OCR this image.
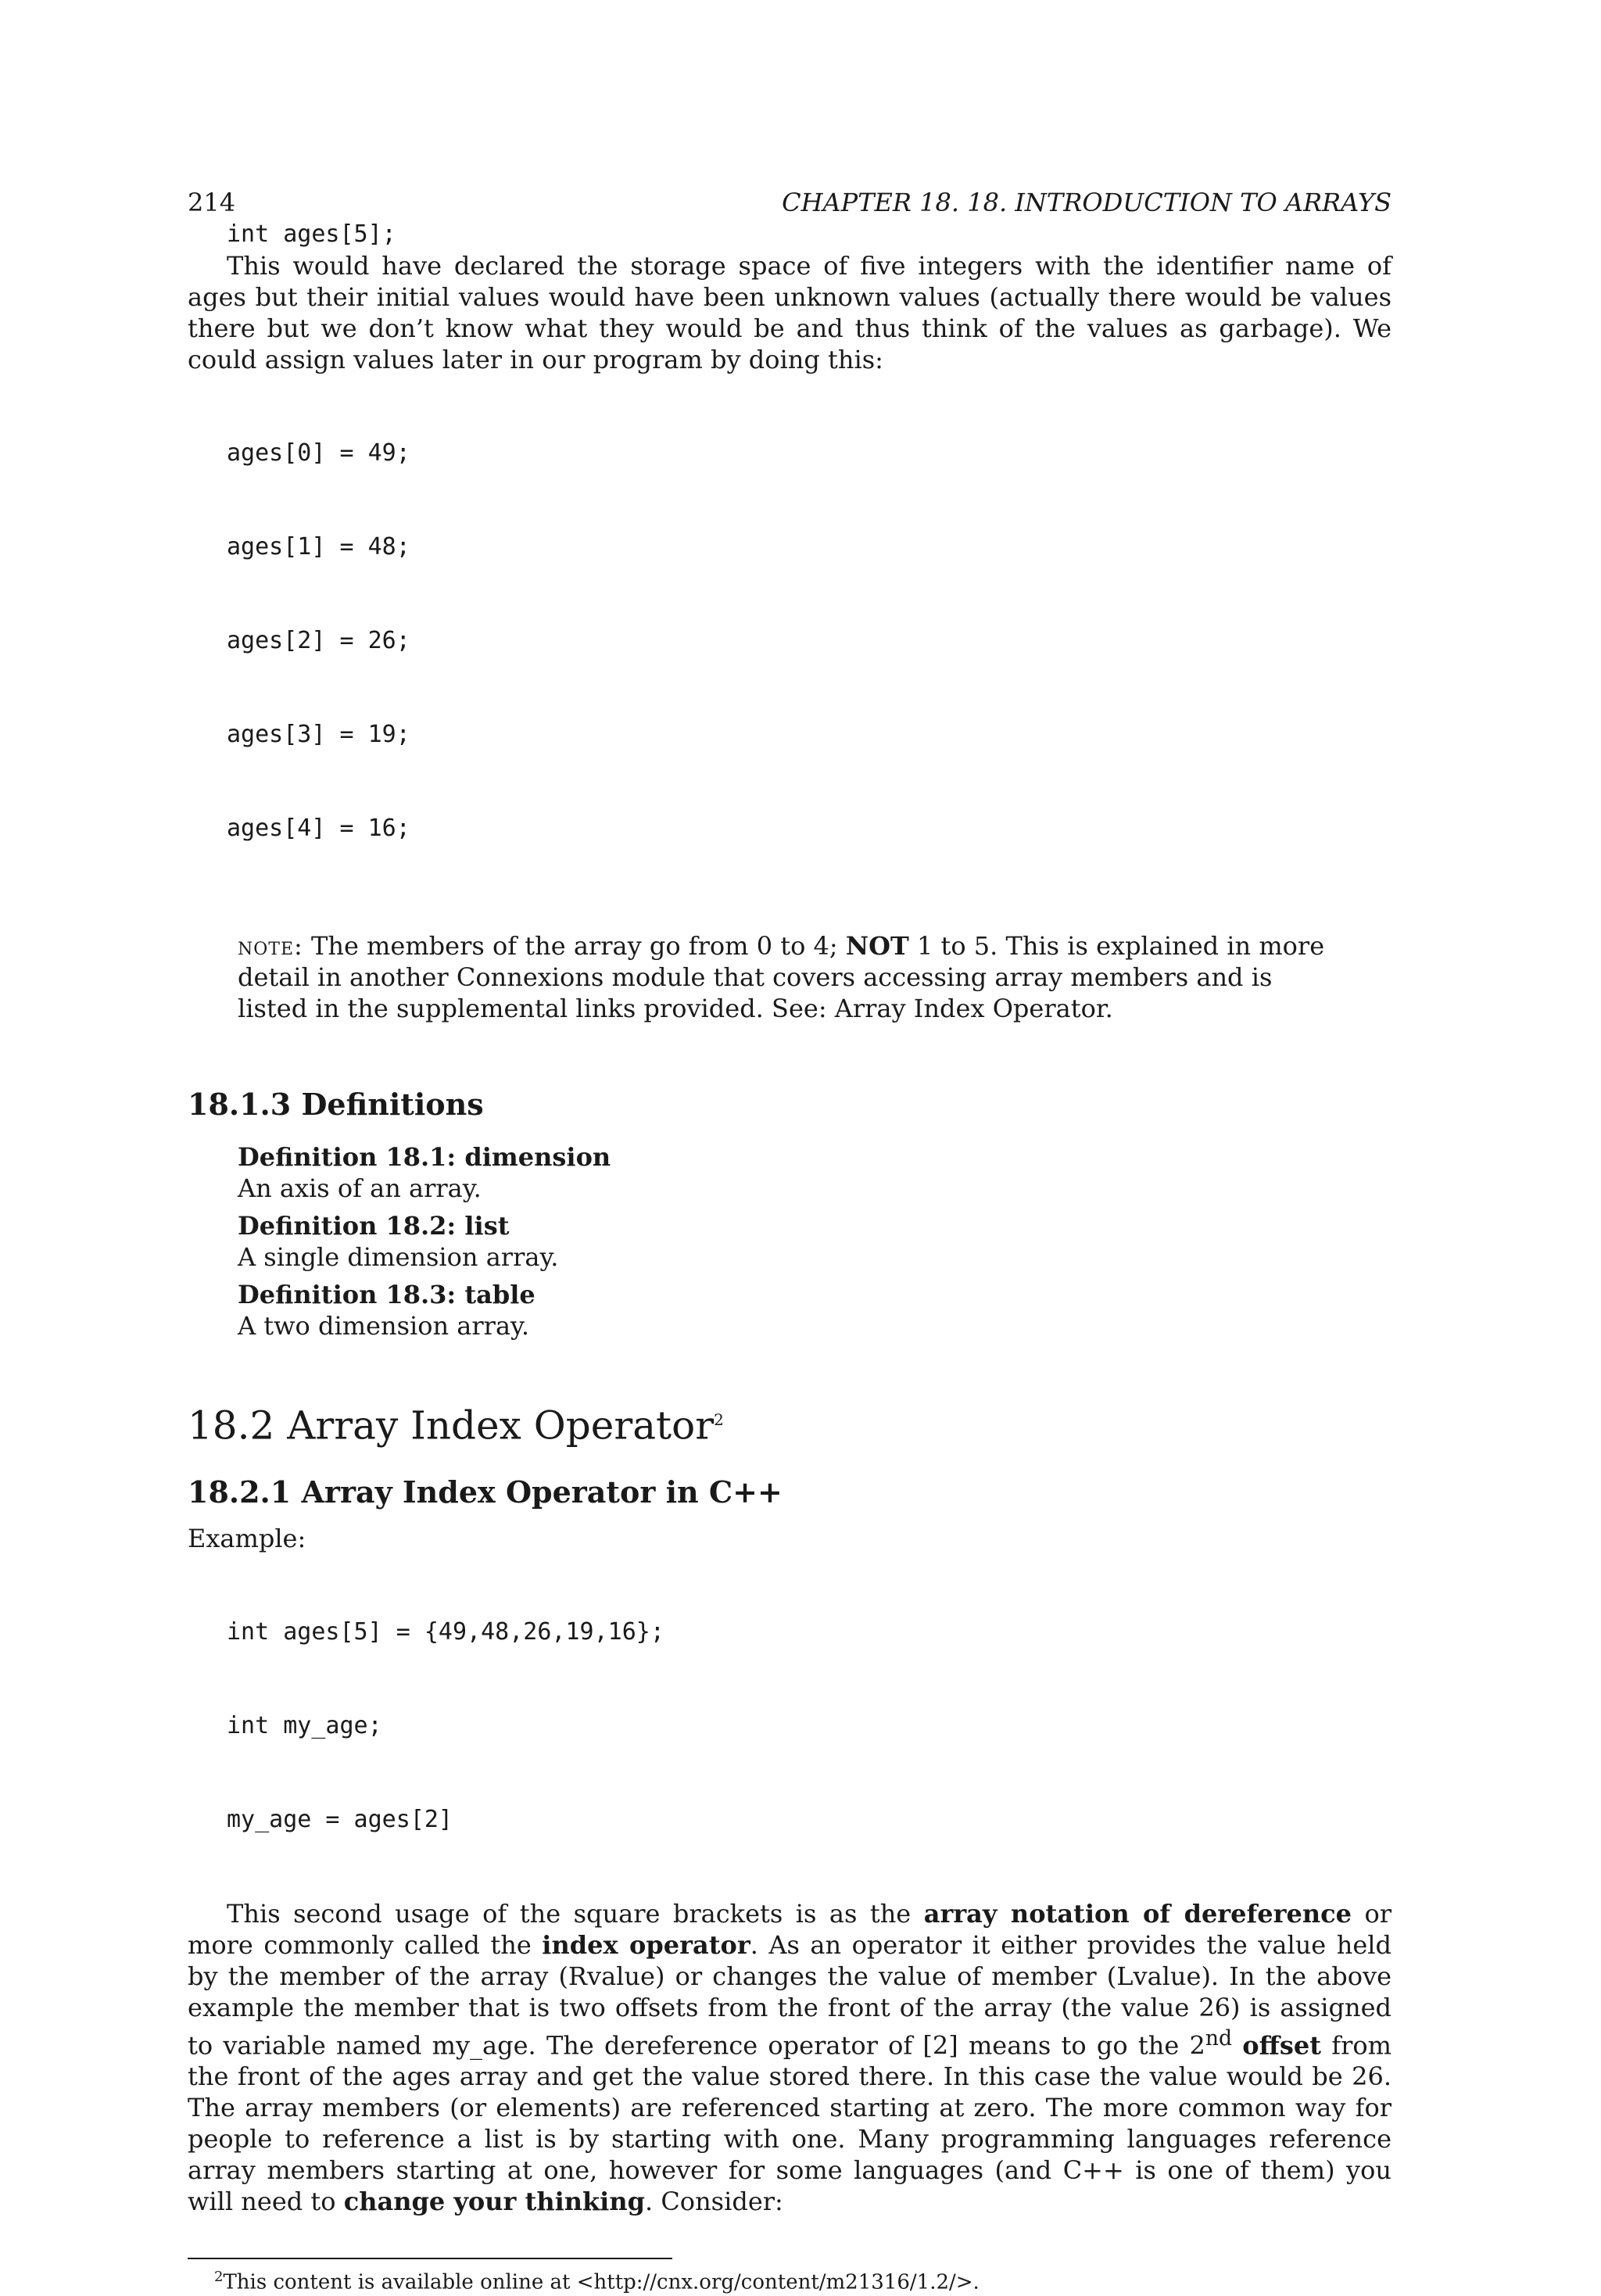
214	CHAPTER 18. 18. INTRODUCTION TO ARRAYS
int ages[5];

This would have declared the storage space of five integers with the identifier name of ages but their initial values would have been unknown values (actually there would be values there but we don’t know what they would be and thus think of the values as garbage). We could assign values later in our program by doing this:

ages[0] = 49;

ages[1] = 48;

ages[2] = 26;

ages[3] = 19;

ages[4] = 16;

note: The members of the array go from 0 to 4; NOT 1 to 5. This is explained in more detail in another Connexions module that covers accessing array members and is listed in the supplemental links provided. See: Array Index Operator.
18.1.3 Definitions
Definition 18.1: dimension
An axis of an array.
Definition 18.2: list
A single dimension array.
Definition 18.3: table
A two dimension array.
18.2 Array Index Operator$^2$
18.2.1 Array Index Operator in C++
Example:

int ages[5] = {49,48,26,19,16};

int my_age;

my_age = ages[2]

This second usage of the square brackets is as the array notation of dereference or more commonly called the index operator. As an operator it either provides the value held by the member of the array (Rvalue) or changes the value of member (Lvalue). In the above example the member that is two offsets from the front of the array (the value 26) is assigned to variable named my_age. The dereference operator of [2] means to go the 2nd offset from the front of the ages array and get the value stored there. In this case the value would be 26. The array members (or elements) are referenced starting at zero. The more common way for people to reference a list is by starting with one. Many programming languages reference array members starting at one, however for some languages (and C++ is one of them) you will need to change your thinking. Consider:

$^2$This content is available online at <http://cnx.org/content/m21316/1.2/>.
